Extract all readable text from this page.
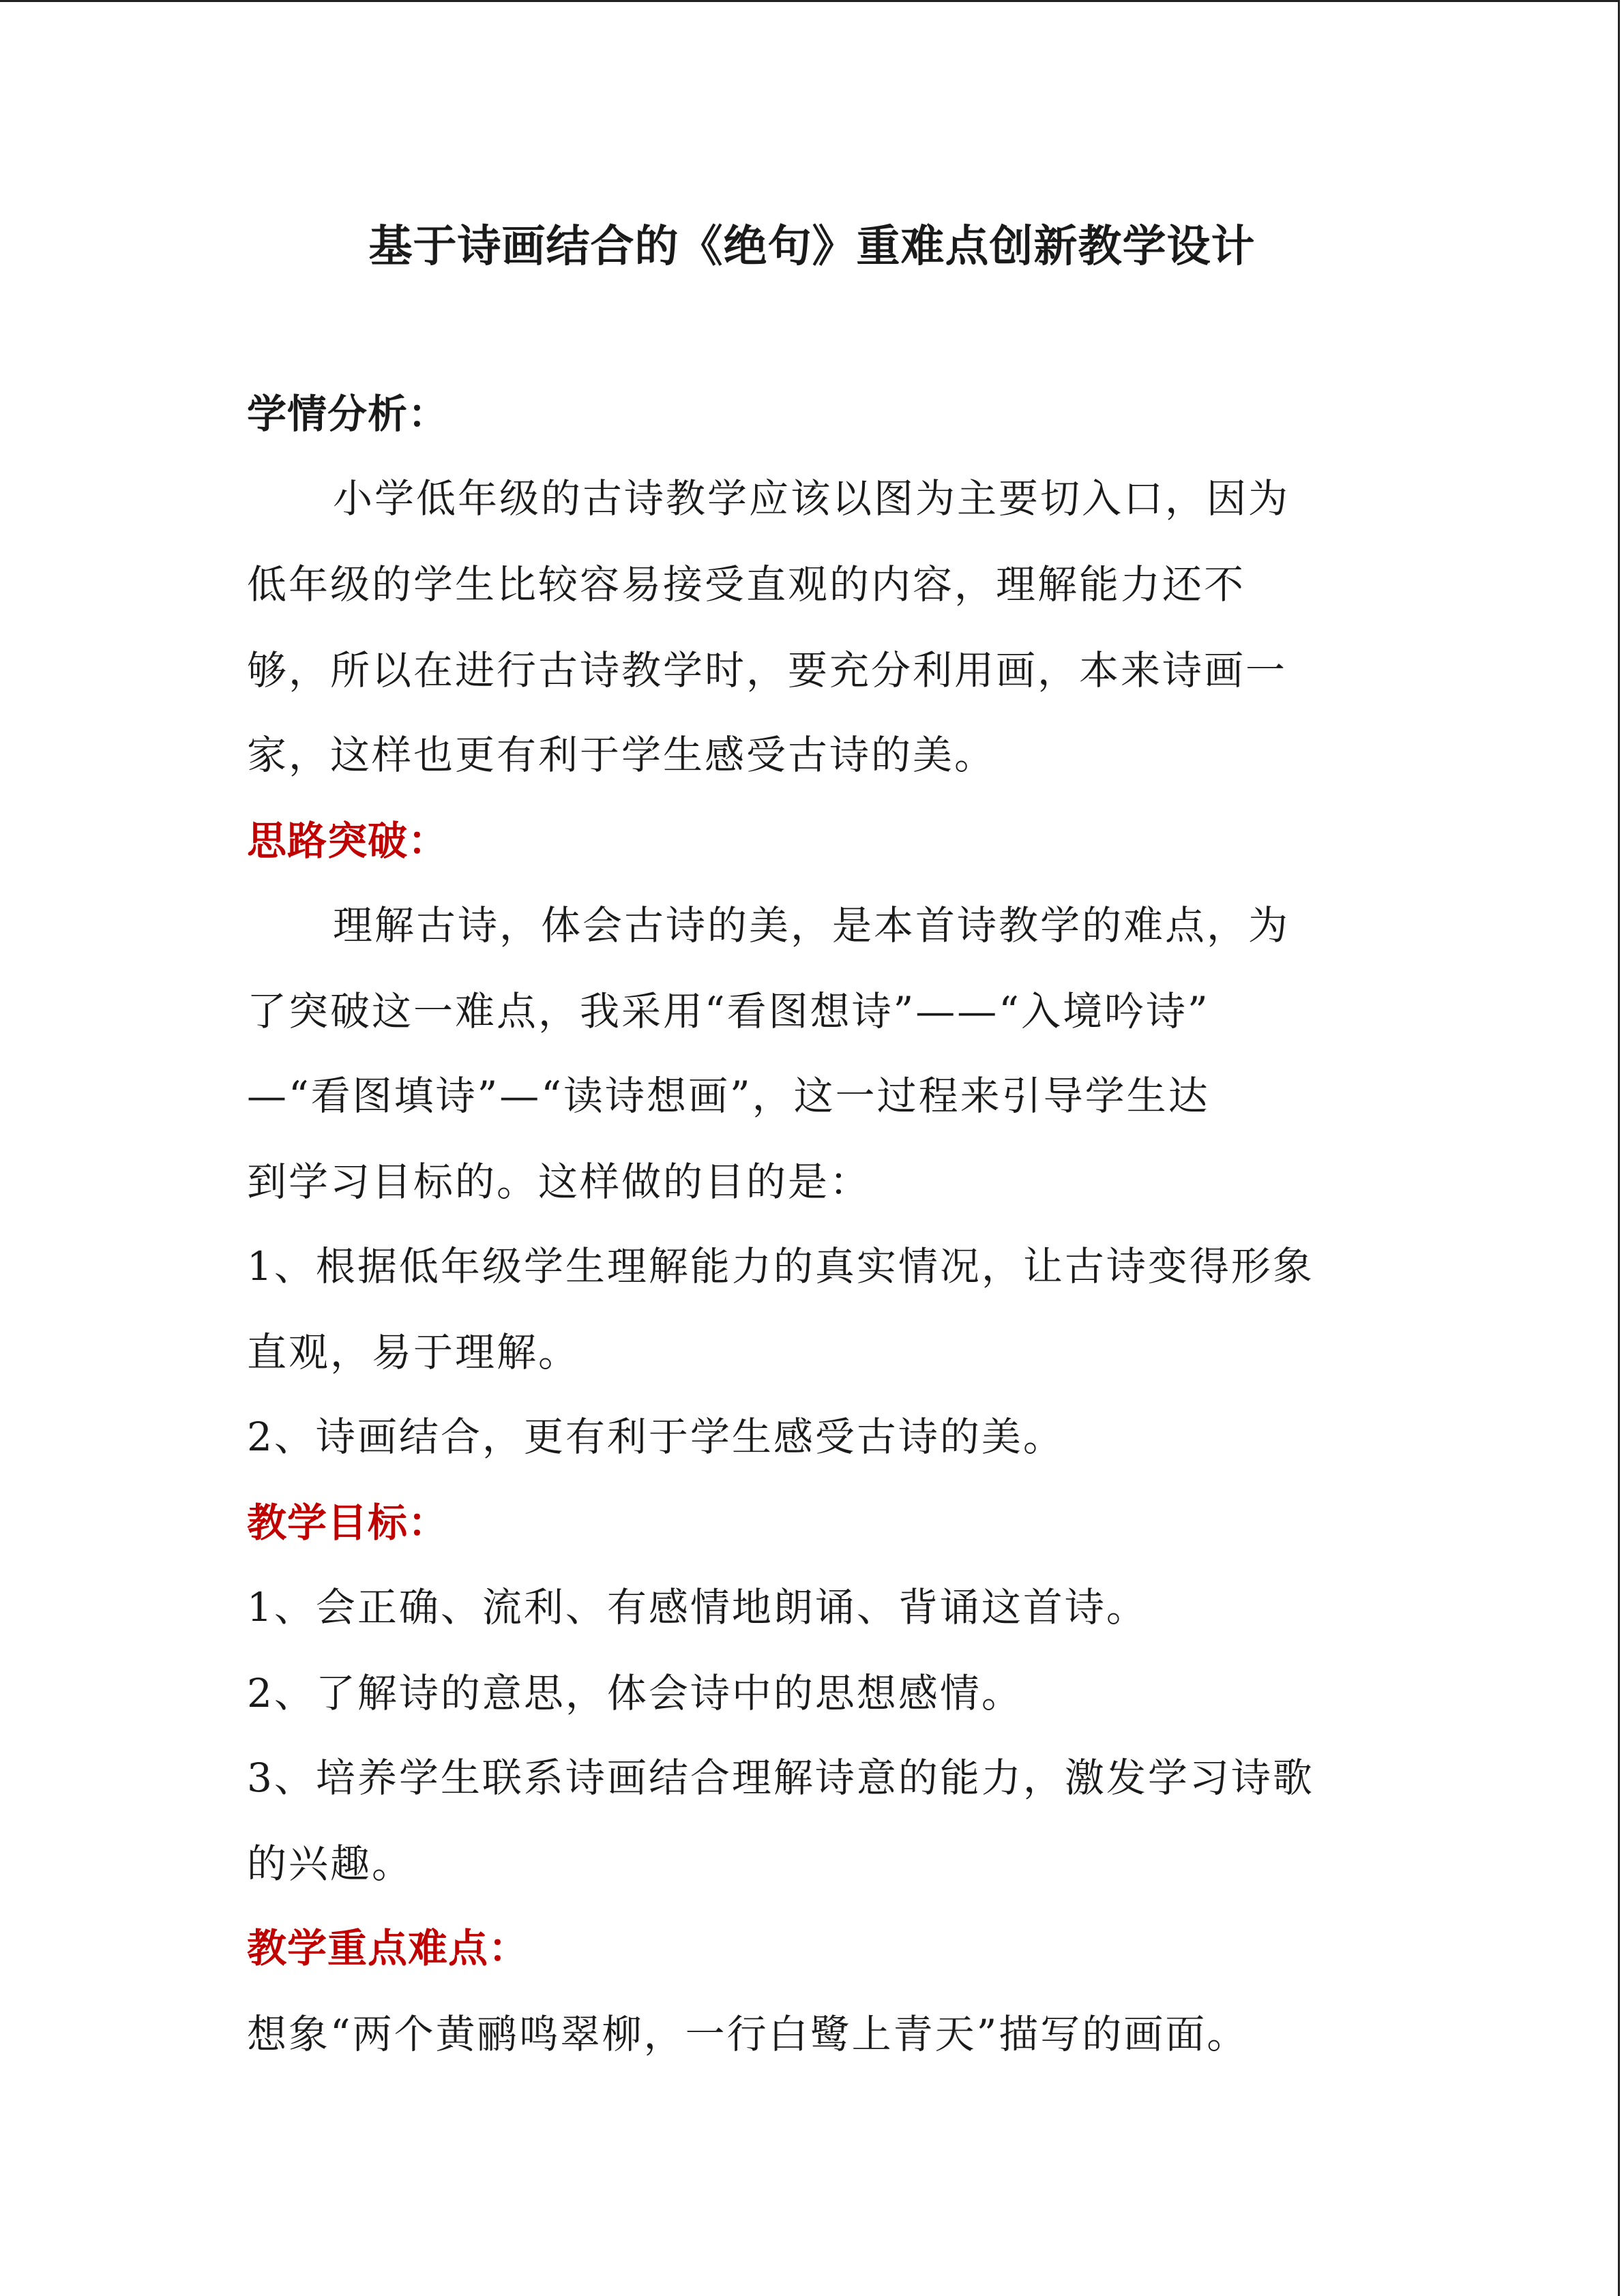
基于诗画结合的《绝句》重难点创新教学设计
学情分析：
小学低年级的古诗教学应该以图为主要切入口，因为
低年级的学生比较容易接受直观的内容，理解能力还不
够，所以在进行古诗教学时，要充分利用画，本来诗画一
家，这样也更有利于学生感受古诗的美。
思路突破：
理解古诗，体会古诗的美，是本首诗教学的难点，为
了突破这一难点，我采用“看图想诗”——“入境吟诗”
—“看图填诗”—“读诗想画”，这一过程来引导学生达
到学习目标的。这样做的目的是：
1、根据低年级学生理解能力的真实情况，让古诗变得形象
直观，易于理解。
2、诗画结合，更有利于学生感受古诗的美。
教学目标：
1、会正确、流利、有感情地朗诵、背诵这首诗。
2、了解诗的意思，体会诗中的思想感情。
3、培养学生联系诗画结合理解诗意的能力，激发学习诗歌
的兴趣。
教学重点难点：
想象“两个黄鹂鸣翠柳，一行白鹭上青天”描写的画面。
